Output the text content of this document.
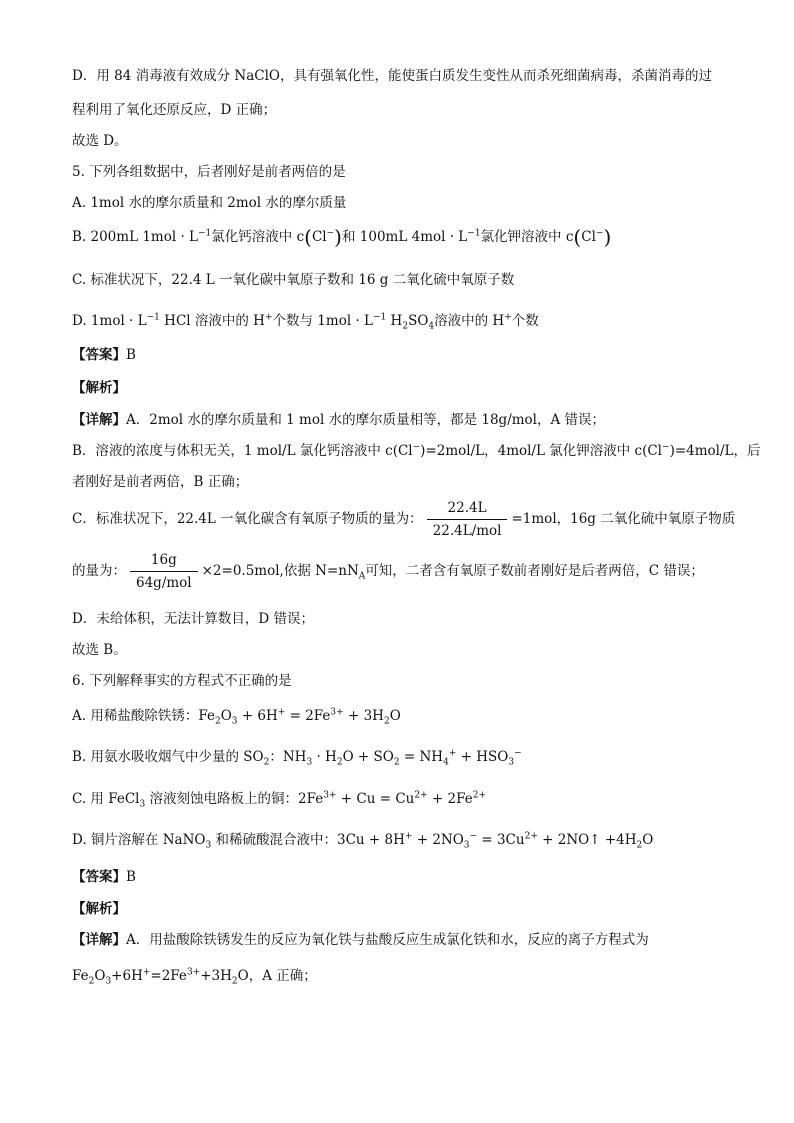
D．用 84 消毒液有效成分 NaClO，具有强氧化性，能使蛋白质发生变性从而杀死细菌病毒，杀菌消毒的过
程利用了氧化还原反应，D 正确；
故选 D。
5. 下列各组数据中，后者刚好是前者两倍的是
A. 1mol 水的摩尔质量和 2mol 水的摩尔质量
B. 200mL $1mol \cdot L^{-1}$氯化钙溶液中 c(Cl−)和 100mL $4mol \cdot L^{-1}$氯化钾溶液中 c(Cl−)
C. 标准状况下，22.4 L 一氧化碳中氧原子数和 16 g 二氧化硫中氧原子数
D. $1mol \cdot L^{-1}$ HCl 溶液中的 H+个数与 $1mol \cdot L^{-1}$ $H_2SO_4$溶液中的 H+个数
【答案】B
【解析】
【详解】A．2mol 水的摩尔质量和 1 mol 水的摩尔质量相等，都是 18g/mol，A 错误；
B．溶液的浓度与体积无关，1 mol/L 氯化钙溶液中 c(Cl−)=2mol/L，4mol/L 氯化钾溶液中 c(Cl−)=4mol/L，后
者刚好是前者两倍，B 正确；
C．标准状况下，22.4L 一氧化碳含有氧原子物质的量为： $\frac{22.4L}{\text{22.4L/mol}} =1mol$，16g 二氧化硫中氧原子物质
的量为： $\frac{16g}{\text{64g/mol}} \times 2=0.5mol$,依据 $N=nN_A$可知，二者含有氧原子数前者刚好是后者两倍，C 错误；
D．未给体积，无法计算数目，D 错误；
故选 B。
6. 下列解释事实的方程式不正确的是
A. 用稀盐酸除铁锈：$Fe_2O_3 + 6H^+ = 2Fe^{3+} + 3H_2O$
B. 用氨水吸收烟气中少量的 $SO_2$：$NH_3 \cdot H_2O + SO_2 = NH_4^+ + HSO_3^-$
C. 用 FeCl$_3$ 溶液刻蚀电路板上的铜：$2Fe^{3+} + Cu = Cu^{2+} + 2Fe^{2+}$
D. 铜片溶解在 NaNO$_3$ 和稀硫酸混合液中：$3Cu + 8H^+ + 2NO_3^- = 3Cu^{2+}$ + 2NO↑ $+4H_2O$
【答案】B
【解析】
【详解】A．用盐酸除铁锈发生的反应为氧化铁与盐酸反应生成氯化铁和水，反应的离子方程式为
$Fe_2O_3+6H^+=2Fe^{3+}+3H_2O$，A 正确；
